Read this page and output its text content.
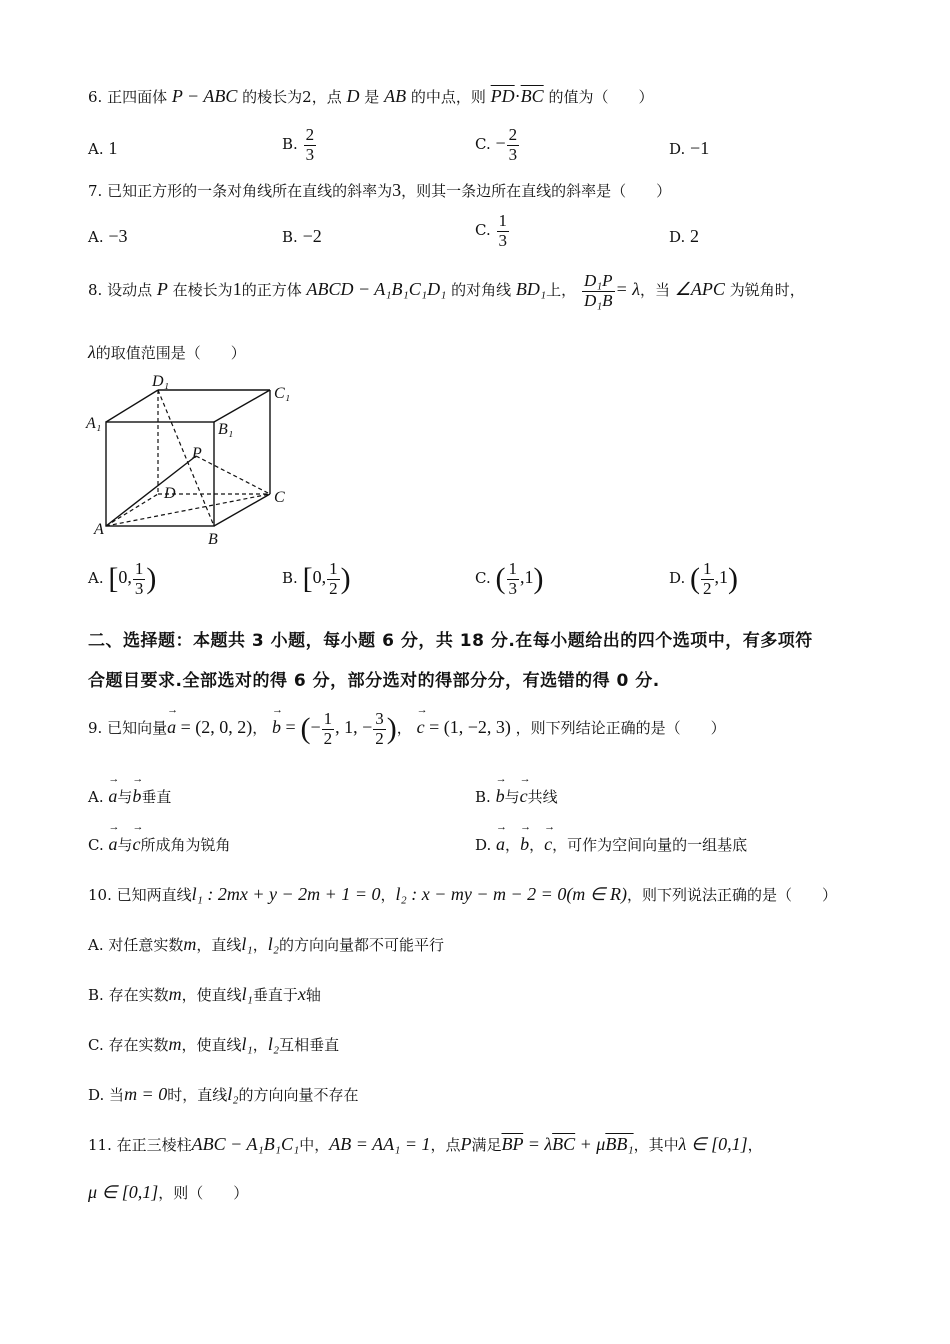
6. 正四面体 P − ABC 的棱长为2，点 D 是 AB 的中点，则 $\overline{PD}\cdot\overline{BC}$ 的值为（　　）
A. 1	B. $\frac{2}{3}$	C. − $\frac{2}{3}$	D. −1
7. 已知正方形的一条对角线所在直线的斜率为3，则其一条边所在直线的斜率是（　　）
A. −3	B. −2	C. $\frac{1}{3}$	D. 2
8. 设动点 P 在棱长为1的正方体 ABCD − A₁B₁C₁D₁ 的对角线 BD₁上， $\frac{\text{D₁P}}{\text{D₁B}} = \lambda$，当 ∠APC 为锐角时，
λ的取值范围是（　　）
D₁
C₁
A₁	B₁
P
D	C
A
B
A. [0, $\frac{1}{3}$ )	B. [0, $\frac{1}{2}$ )	C. ( $\frac{1}{3} ,1$)	D. ( $\frac{1}{2} ,1$)
二、选择题：本题共 3 小题，每小题 6 分，共 18 分.在每小题给出的四个选项中，有多项符
合题目要求.全部选对的得 6 分，部分选对的得部分分，有选错的得 0 分.
9. 已知向量→ a = (2, 0, 2)， → b = (− $\frac{1}{2}$ , 1, − $\frac{3}{2}$ )， → c = (1, −2, 3) ，则下列结论正确的是（　　）
A. → a与→ b垂直	B. → b与→ c共线
C. → a与→ c所成角为锐角	D. → a，→ b，→ c，可作为空间向量的一组基底
10. 已知两直线l₁ : 2mx + y − 2m + 1 = 0，l₂ : x − my − m − 2 = 0(m ∈ R)，则下列说法正确的是（　　）
A. 对任意实数m，直线l₁，l₂的方向向量都不可能平行
B. 存在实数m，使直线l₁垂直于x轴
C. 存在实数m，使直线l₁，l₂互相垂直
D. 当m = 0时，直线l₂的方向向量不存在
11. 在正三棱柱ABC − A₁B₁C₁中，AB = AA₁ = 1，点P满足$\overline{BP} = \lambda\overline{BC} + \mu BB_1$，其中λ ∈ [0,1]，
μ ∈ [0,1]，则（　　）
